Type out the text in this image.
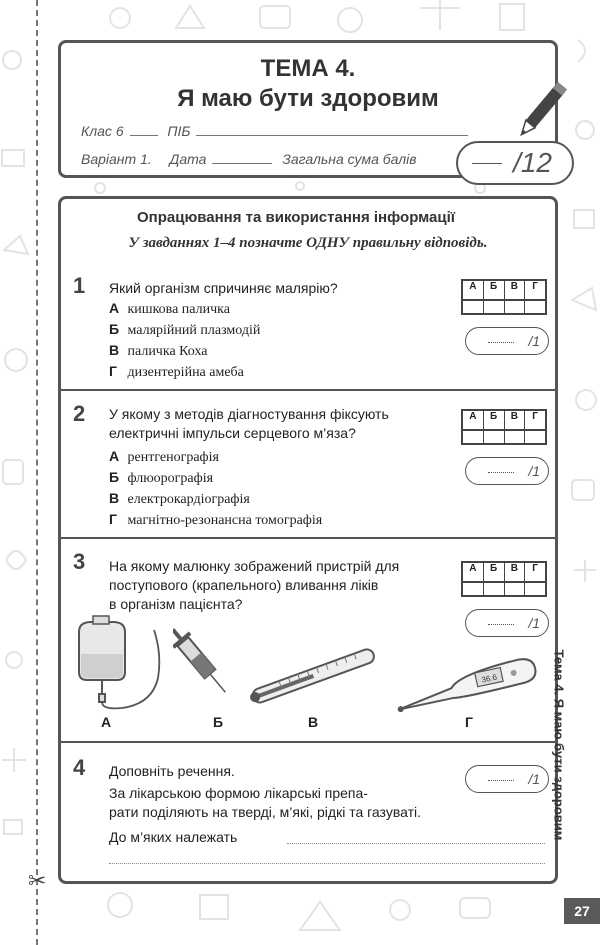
✂
ТЕМА 4.
Я маю бути здоровим
Клас 6	ПІБ
Варіант 1. Дата	Загальна сума балів	/12
Опрацювання та використання інформації
У завданнях 1–4 позначте ОДНУ правильну відповідь.
1 Який організм спричиняє малярію?
А кишкова паличка
Б малярійний плазмодій
В паличка Коха
Г дизентерійна амеба
А	Б	В	Г
/1
2 У якому з методів діагностування фіксують
електричні імпульси серцевого м’яза?
А рентгенографія
Б флюорографія
В електрокардіографія
Г магнітно-резонансна томографія
А	Б	В	Г
/1
3 На якому малюнку зображений пристрій для
поступового (крапельного) вливання ліків
в організм пацієнта?
А	Б	В	Г
/1
36.6
А	Б	В	Г
4 Доповніть речення.
За лікарською формою лікарські препа-
рати поділяють на тверді, м’які, рідкі та газуваті.
До м’яких належать
/1 Тема 4. Я маю бути здоровим
27
